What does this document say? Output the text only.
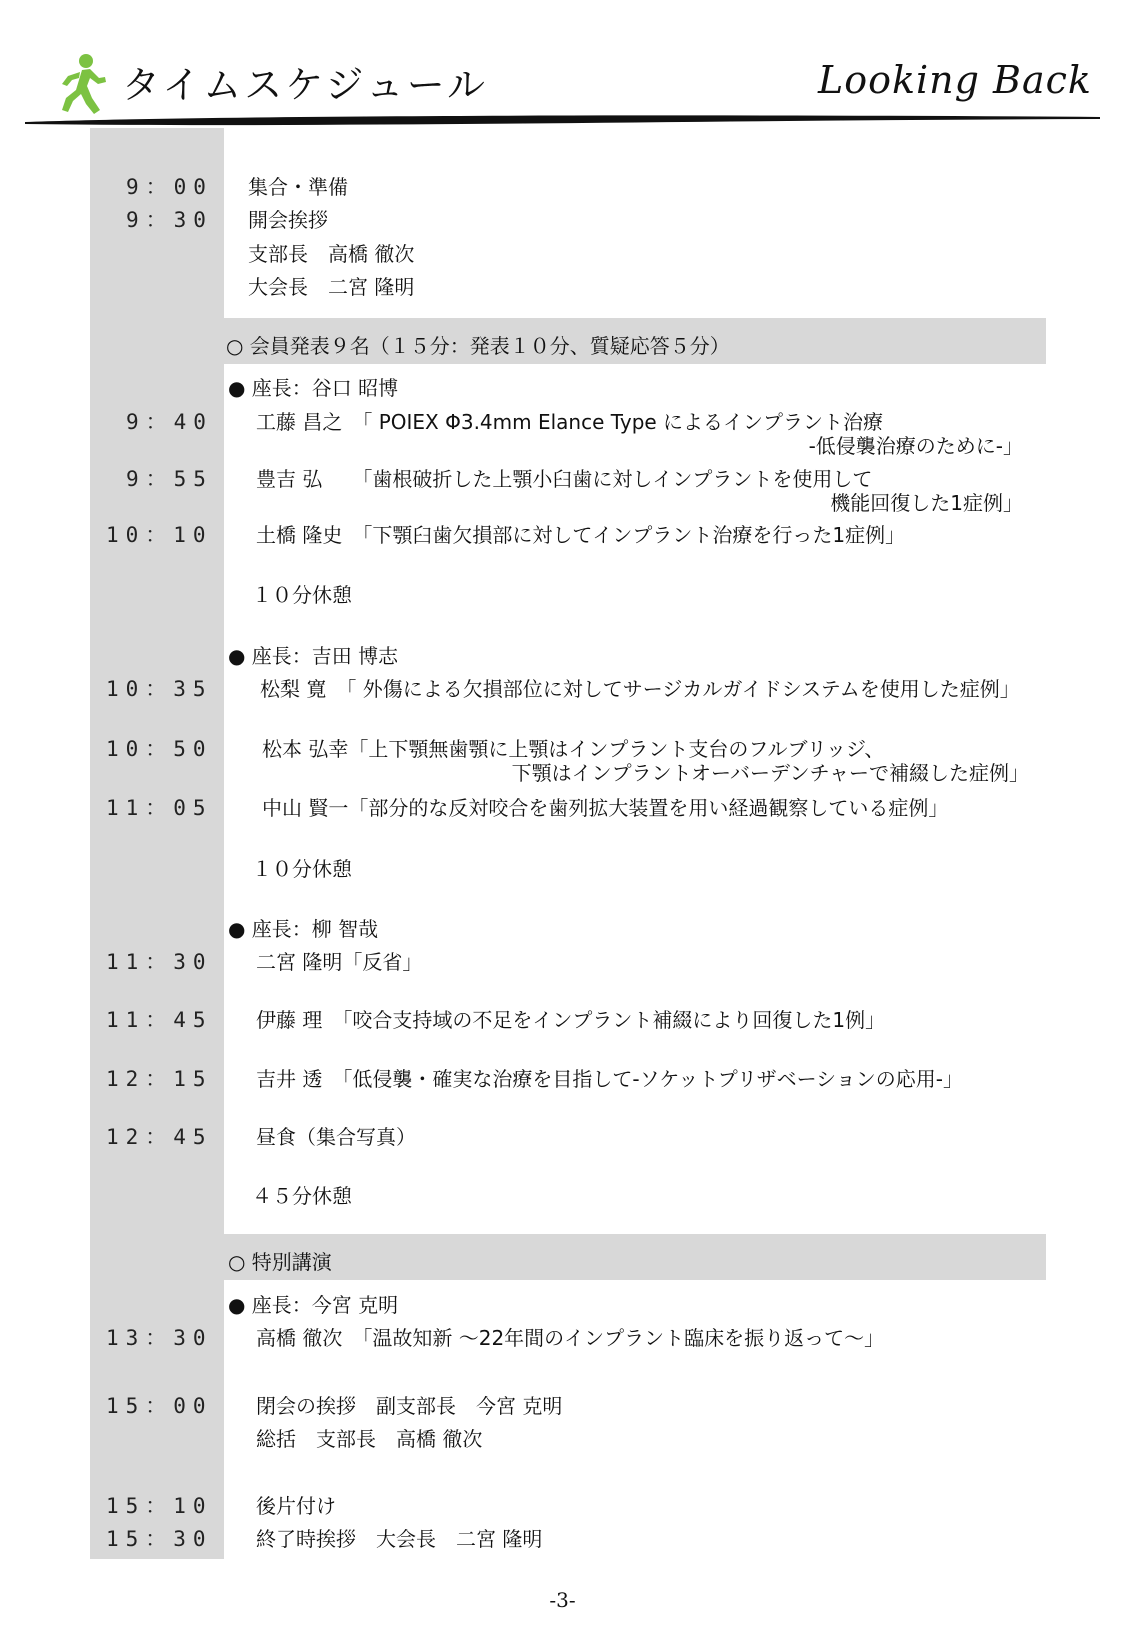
タイムスケジュール	Looking Back
9：00 集合・準備
9：30 開会挨拶
支部長　高橋 徹次
大会長　二宮 隆明
○ 会員発表９名（１５分：発表１０分、質疑応答５分）
● 座長：谷口 昭博
9：40 工藤 昌之　「 POIEX Φ3.4mm Elance Type によるインプラント治療
-低侵襲治療のために-」
9：55 豊吉 弘　　「歯根破折した上顎小臼歯に対しインプラントを使用して
機能回復した1症例」
10：10 土橋 隆史　「下顎臼歯欠損部に対してインプラント治療を行った1症例」
１０分休憩
● 座長：吉田 博志
10：35 松梨 寛　「 外傷による欠損部位に対してサージカルガイドシステムを使用した症例」
10：50 松本 弘幸「上下顎無歯顎に上顎はインプラント支台のフルブリッジ、
下顎はインプラントオーバーデンチャーで補綴した症例」
11：05 中山 賢一「部分的な反対咬合を歯列拡大装置を用い経過観察している症例」
１０分休憩
● 座長：柳 智哉
11：30 二宮 隆明「反省」
11：45 伊藤 理　「咬合支持域の不足をインプラント補綴により回復した1例」
12：15 吉井 透　「低侵襲・確実な治療を目指して-ソケットプリザベーションの応用-」
12：45 昼食（集合写真）
４５分休憩
○ 特別講演
● 座長：今宮 克明
13：30 高橋 徹次　「温故知新 〜22年間のインプラント臨床を振り返って〜」
15：00 閉会の挨拶　副支部長　今宮 克明
総括　支部長　高橋 徹次
15：10 後片付け
15：30 終了時挨拶　大会長　二宮 隆明
-3-
